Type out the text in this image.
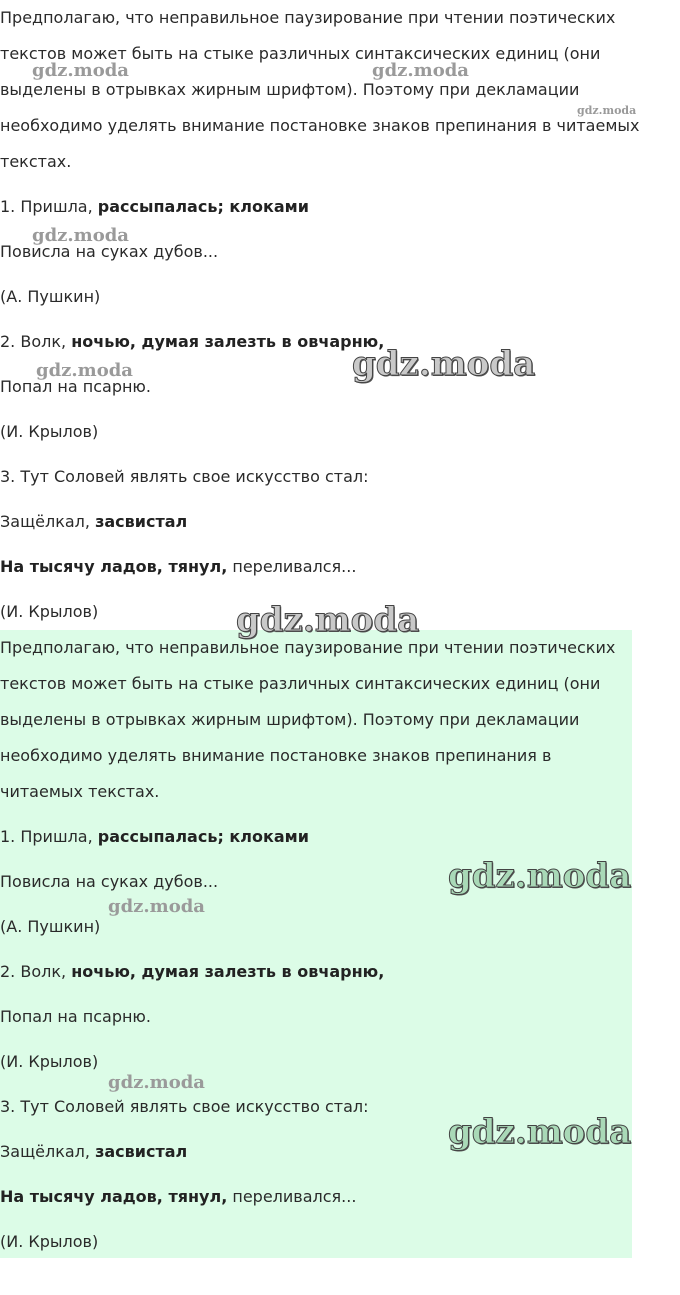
Предполагаю, что неправильное паузирование при чтении поэтических
текстов может быть на стыке различных синтаксических единиц (они
выделены в отрывках жирным шрифтом). Поэтому при декламации
необходимо уделять внимание постановке знаков препинания в читаемых
текстах.
1. Пришла, рассыпалась; клоками
Повисла на суках дубов...
(А. Пушкин)
2. Волк, ночью, думая залезть в овчарню,
Попал на псарню.
(И. Крылов)
3. Тут Соловей являть свое искусство стал:
Защёлкал, засвистал
На тысячу ладов, тянул, переливался...
(И. Крылов)
Предполагаю, что неправильное паузирование при чтении поэтических
текстов может быть на стыке различных синтаксических единиц (они
выделены в отрывках жирным шрифтом). Поэтому при декламации
необходимо уделять внимание постановке знаков препинания в
читаемых текстах.
1. Пришла, рассыпалась; клоками
Повисла на суках дубов...
(А. Пушкин)
2. Волк, ночью, думая залезть в овчарню,
Попал на псарню.
(И. Крылов)
3. Тут Соловей являть свое искусство стал:
Защёлкал, засвистал
На тысячу ладов, тянул, переливался...
(И. Крылов)
gdz.moda	gdz.moda
gdz.moda
gdz.moda
gdz.moda	gdz.moda
gdz.moda
gdz.moda
gdz.moda
gdz.moda
gdz.moda
